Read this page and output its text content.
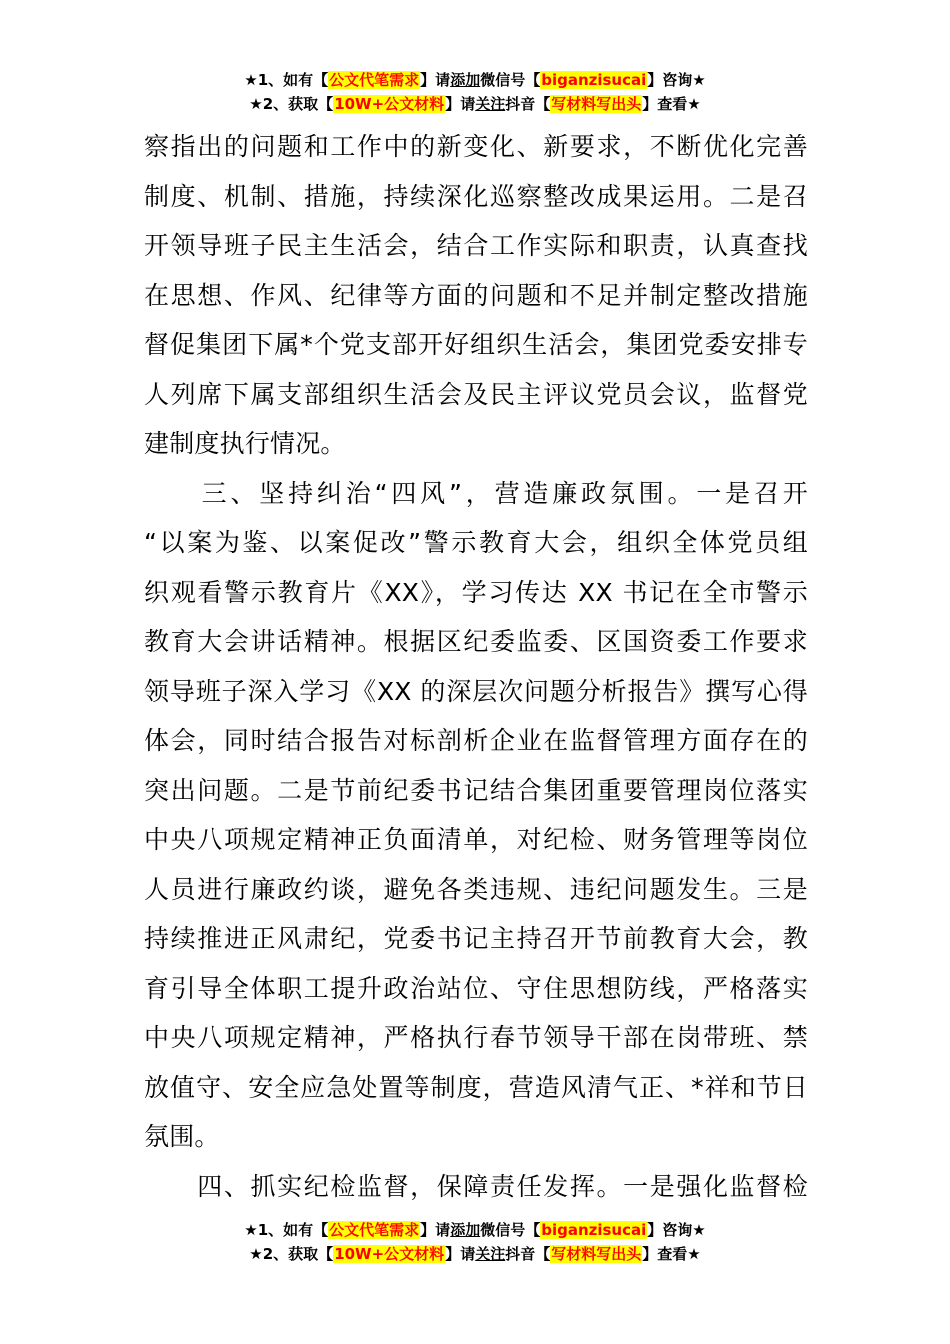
★1、如有【公文代笔需求】请添加微信号【biganzisucai】咨询★
★2、获取【10W+公文材料】请关注抖音【写材料写出头】查看★
察指出的问题和工作中的新变化、新要求，不断优化完善
制度、机制、措施，持续深化巡察整改成果运用。二是召
开领导班子民主生活会，结合工作实际和职责，认真查找
在思想、作风、纪律等方面的问题和不足并制定整改措施
督促集团下属*个党支部开好组织生活会，集团党委安排专
人列席下属支部组织生活会及民主评议党员会议，监督党
建制度执行情况。
　　三、坚持纠治“四风”，营造廉政氛围。一是召开
“以案为鉴、以案促改”警示教育大会，组织全体党员组
织观看警示教育片《XX》，学习传达 XX 书记在全市警示
教育大会讲话精神。根据区纪委监委、区国资委工作要求
领导班子深入学习《XX 的深层次问题分析报告》撰写心得
体会，同时结合报告对标剖析企业在监督管理方面存在的
突出问题。二是节前纪委书记结合集团重要管理岗位落实
中央八项规定精神正负面清单，对纪检、财务管理等岗位
人员进行廉政约谈，避免各类违规、违纪问题发生。三是
持续推进正风肃纪，党委书记主持召开节前教育大会，教
育引导全体职工提升政治站位、守住思想防线，严格落实
中央八项规定精神，严格执行春节领导干部在岗带班、禁
放值守、安全应急处置等制度，营造风清气正、*祥和节日
氛围。
　　四、抓实纪检监督，保障责任发挥。一是强化监督检
★1、如有【公文代笔需求】请添加微信号【biganzisucai】咨询★
★2、获取【10W+公文材料】请关注抖音【写材料写出头】查看★
